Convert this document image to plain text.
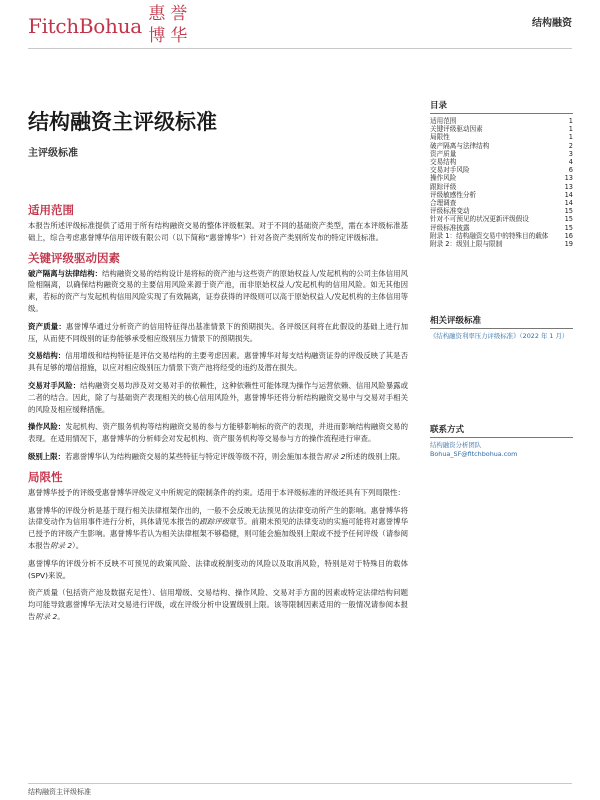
FitchBohua 惠 誉
博 华
结构融资
结构融资主评级标准
主评级标准
适用范围

本报告所述评级标准提供了适用于所有结构融资交易的整体评级框架。对于不同的基础资产类型，需在本评级标准基础上，综合考虑惠誉博华信用评级有限公司（以下简称“惠誉博华”）针对各资产类别所发布的特定评级标准。

关键评级驱动因素

破产隔离与法律结构：结构融资交易的结构设计是将标的资产池与这些资产的原始权益人/发起机构的公司主体信用风险相隔离，以确保结构融资交易的主要信用风险来源于资产池，而非原始权益人/发起机构的信用风险。如无其他因素，若标的资产与发起机构信用风险实现了有效隔离，证券获得的评级则可以高于原始权益人/发起机构的主体信用等级。

资产质量：惠誉博华通过分析资产的信用特征得出基准情景下的预期损失。各评级区间将在此假设的基础上进行加压，从而使不同级别的证券能够承受相应级别压力情景下的预期损失。

交易结构：信用增级和结构特征是评估交易结构的主要考虑因素。惠誉博华对每支结构融资证券的评级反映了其是否具有足够的增信措施，以应对相应级别压力情景下资产池将经受的违约及潜在损失。

交易对手风险：结构融资交易均涉及对交易对手的依赖性，这种依赖性可能体现为操作与运营依赖、信用风险暴露或二者的结合。因此，除了与基础资产表现相关的核心信用风险外，惠誉博华还将分析结构融资交易中与交易对手相关的风险及相应缓释措施。

操作风险：发起机构、资产服务机构等结构融资交易的参与方能够影响标的资产的表现，并进而影响结构融资交易的表现。在适用情况下，惠誉博华的分析师会对发起机构、资产服务机构等交易参与方的操作流程进行审查。

级别上限：若惠誉博华认为结构融资交易的某些特征与特定评级等级不符，则会施加本报告附录 2所述的级别上限。

局限性

惠誉博华授予的评级受惠誉博华评级定义中所规定的限制条件的约束。适用于本评级标准的评级还具有下列局限性：

惠誉博华的评级分析是基于现行相关法律框架作出的，一般不会反映无法预见的法律变动所产生的影响。惠誉博华将法律变动作为信用事件进行分析，具体请见本报告的跟踪评级章节。前期未预见的法律变动的实施可能将对惠誉博华已授予的评级产生影响。惠誉博华若认为相关法律框架不够稳健，则可能会施加级别上限或不授予任何评级（请参阅本报告附录 2）。

惠誉博华的评级分析不反映不可预见的政策风险、法律或税制变动的风险以及取消风险，特别是对于特殊目的载体(SPV)来说。

资产质量（包括资产池及数据充足性）、信用增级、交易结构、操作风险、交易对手方面的因素或特定法律结构问题均可能导致惠誉博华无法对交易进行评级，或在评级分析中设置级别上限。该等限制因素适用的一般情况请参阅本报告附录 2。

目录
适用范围	1
关键评级驱动因素	1
局限性	1
破产隔离与法律结构	2
资产质量	3
交易结构	4
交易对手风险	6
操作风险	13
跟踪评级	13
评级敏感性分析	14
合理调查	14
评级标准变动	15
针对不可预见的状况更新评级假设	15
评级标准披露	15
附录 1：结构融资交易中的特殊目的载体 16
附录 2：级别上限与限制	19
相关评级标准
《结构融资利率压力评级标准》（2022 年 1 月）
联系方式
结构融资分析团队
Bohua_SF@fitchbohua.com
结构融资主评级标准
